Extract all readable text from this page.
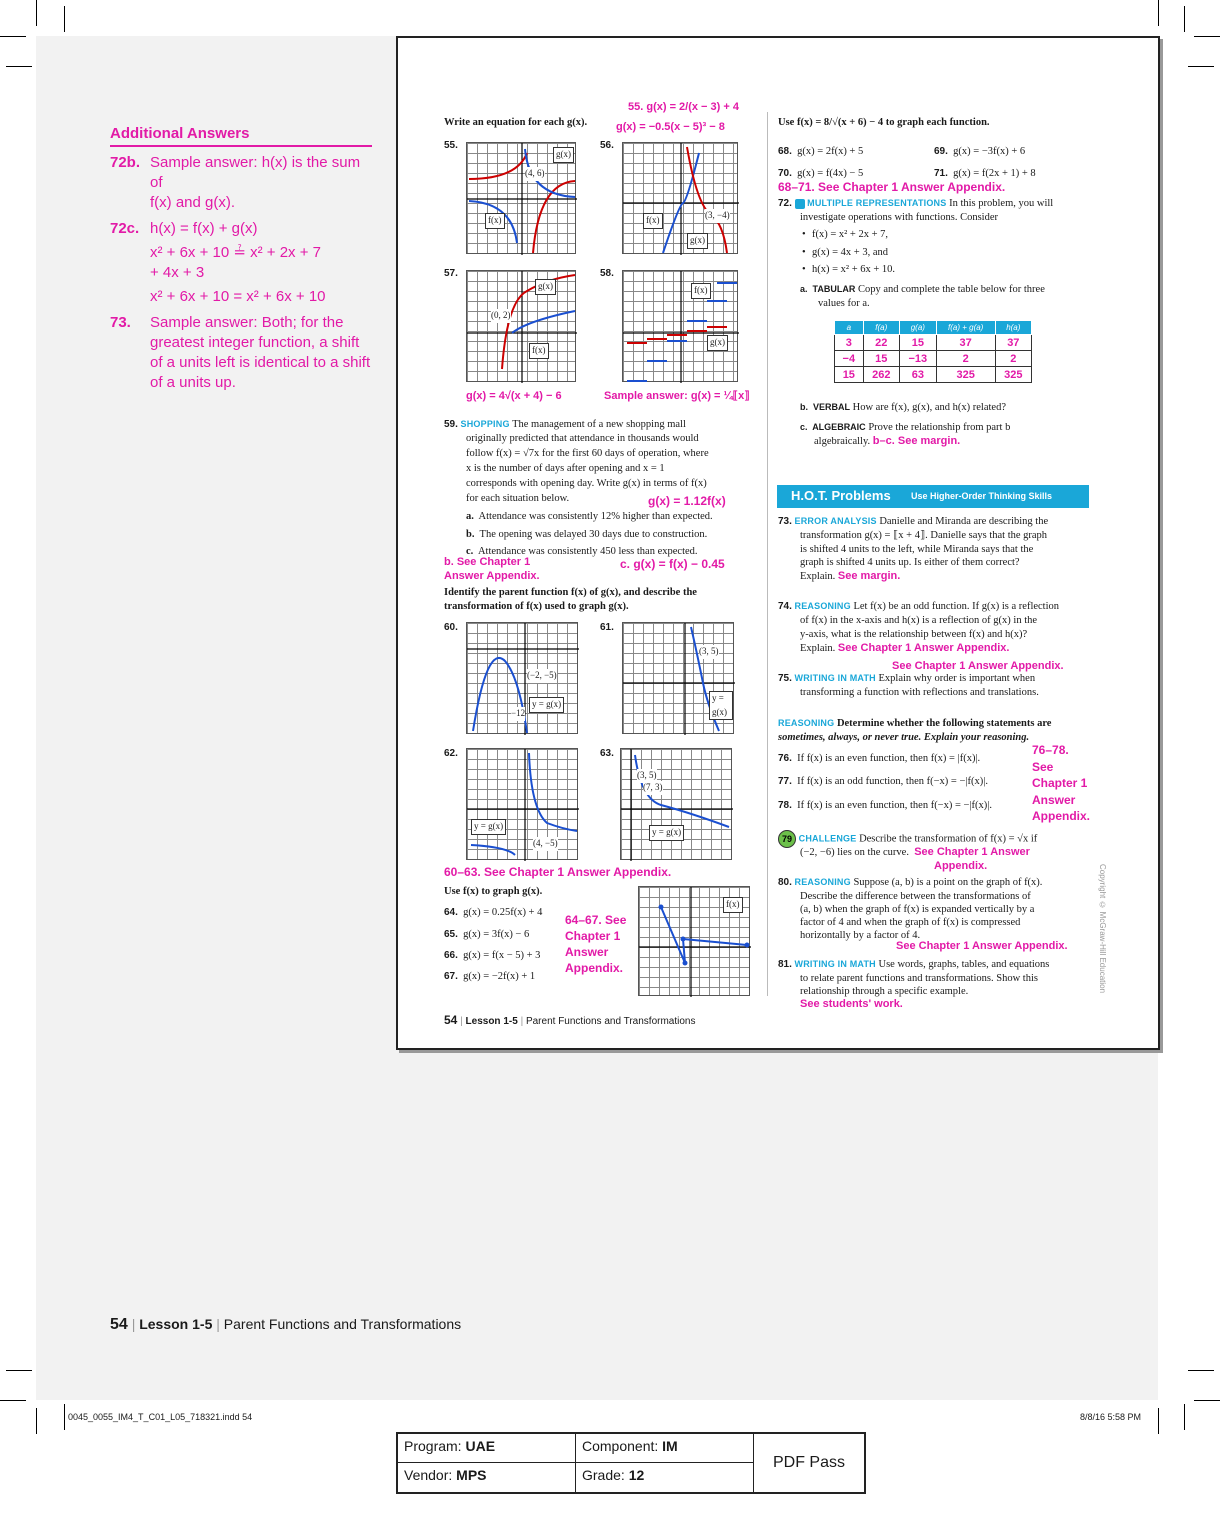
Additional Answers
72b. Sample answer: h(x) is the sum of
f(x) and g(x).
72c. h(x) = f(x) + g(x)
x² + 6x + 10 ≟ x² + 2x + 7
+ 4x + 3
x² + 6x + 10 = x² + 6x + 10
73.	Sample answer: Both; for the
greatest integer function, a shift
of a units left is identical to a shift
of a units up.
Write an equation for each g(x).
55. g(x) = 2/(x − 3) + 4
g(x) = −0.5(x − 5)³ − 8
55.
g(x)
(4, 6)
f(x)
56.
f(x)	(3, −4)
g(x)
57.
g(x)
(0, 2)
f(x)
58.
f(x)
g(x)
g(x) = 4√(x + 4) − 6	Sample answer: g(x) = ¼⟦x⟧
59. SHOPPING The management of a new shopping mall
originally predicted that attendance in thousands would
follow f(x) = √7x for the first 60 days of operation, where
x is the number of days after opening and x = 1
corresponds with opening day. Write g(x) in terms of f(x)
for each situation below.	g(x) = 1.12f(x)
a. Attendance was consistently 12% higher than expected.
b. The opening was delayed 30 days due to construction.
c. Attendance was consistently 450 less than expected.
b. See Chapter 1 Answer Appendix.
c. g(x) = f(x) − 0.45
Identify the parent function f(x) of g(x), and describe the transformation of f(x) used to graph g(x).
60.
(−2, −5)
y = g(x)
−12
61.
(3, 5)
y = g(x)
62.
y = g(x)
(4, −5)
63.
(3, 5)
(7, 3)
y = g(x)
60–63. See Chapter 1 Answer Appendix.
Use f(x) to graph g(x).
64. g(x) = 0.25f(x) + 4
65. g(x) = 3f(x) − 6
66. g(x) = f(x − 5) + 3
67. g(x) = −2f(x) + 1
64–67. See
Chapter 1
Answer
Appendix.
f(x)
Use f(x) = 8/√(x + 6) − 4 to graph each function.
68. g(x) = 2f(x) + 5	69. g(x) = −3f(x) + 6
70. g(x) = f(4x) − 5	71. g(x) = f(2x + 1) + 8
68–71. See Chapter 1 Answer Appendix.
72. MULTIPLE REPRESENTATIONS In this problem, you will
investigate operations with functions. Consider
• f(x) = x² + 2x + 7,
• g(x) = 4x + 3, and
• h(x) = x² + 6x + 10.
a.  TABULAR Copy and complete the table below for three
values for a.
a	f(a)	g(a)	f(a) + g(a)	h(a)
3	22	15	37	37
−4	15	−13	2	2
15	262	63	325	325
b.  VERBAL How are f(x), g(x), and h(x) related?
c.  ALGEBRAIC Prove the relationship from part b
algebraically. b–c. See margin.
H.O.T. Problems Use Higher-Order Thinking Skills
73. ERROR ANALYSIS Danielle and Miranda are describing the
transformation g(x) = ⟦x + 4⟧. Danielle says that the graph
is shifted 4 units to the left, while Miranda says that the
graph is shifted 4 units up. Is either of them correct?
Explain. See margin.
74. REASONING Let f(x) be an odd function. If g(x) is a reflection
of f(x) in the x-axis and h(x) is a reflection of g(x) in the
y-axis, what is the relationship between f(x) and h(x)?
Explain. See Chapter 1 Answer Appendix.
See Chapter 1 Answer Appendix.
75. WRITING IN MATH Explain why order is important when
transforming a function with reflections and translations.
REASONING Determine whether the following statements are
sometimes, always, or never true. Explain your reasoning.
76. If f(x) is an even function, then f(x) = |f(x)|.
77. If f(x) is an odd function, then f(−x) = −|f(x)|.
78. If f(x) is an even function, then f(−x) = −|f(x)|.
76–78.
See
Chapter 1
Answer
Appendix.
79 CHALLENGE Describe the transformation of f(x) = √x if
(−2, −6) lies on the curve. See Chapter 1 Answer
Appendix.
80. REASONING Suppose (a, b) is a point on the graph of f(x).
Describe the difference between the transformations of
(a, b) when the graph of f(x) is expanded vertically by a
factor of 4 and when the graph of f(x) is compressed
horizontally by a factor of 4.
See Chapter 1 Answer Appendix.
81. WRITING IN MATH Use words, graphs, tables, and equations
to relate parent functions and transformations. Show this
relationship through a specific example.
See students' work.
Copyright © McGraw-Hill Education
54 | Lesson 1-5 | Parent Functions and Transformations
54 | Lesson 1-5 | Parent Functions and Transformations
0045_0055_IM4_T_C01_L05_718321.indd 54	8/8/16 5:58 PM
Program: UAE	Component: IM
Vendor: MPS	Grade: 12
PDF Pass
